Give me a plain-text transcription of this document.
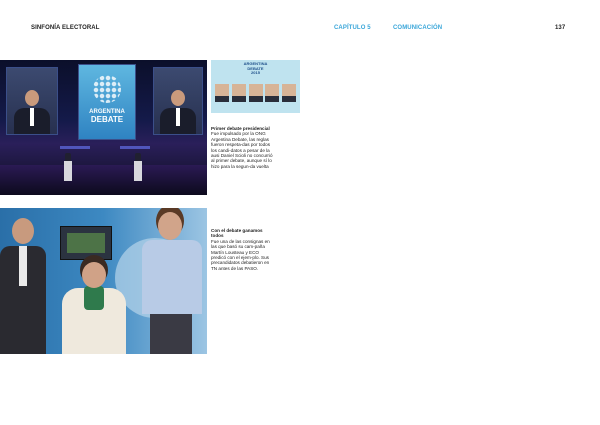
SINFONÍA ELECTORAL	CAPÍTULO 5	COMUNICACIÓN	137
ARGENTINA
DEBATE
ARGENTINA
DEBATE
2015
Primer debate presidencial
Fue impulsado por la ONG Argentina Debate, las reglas fueron respeta-das por todos los candi-datos a pesar de la ausi Daniel Scioli no concurrió al primer debate, aunque sí lo hizo para la segun-da vuelta
Con el debate ganamos todos
Fue una de las consignas en las que basó su cam-paña Martín Lousteau y ECO predicó con el ejem-plo. Sus precandidatos debatieron en TN antes de las PASO.
